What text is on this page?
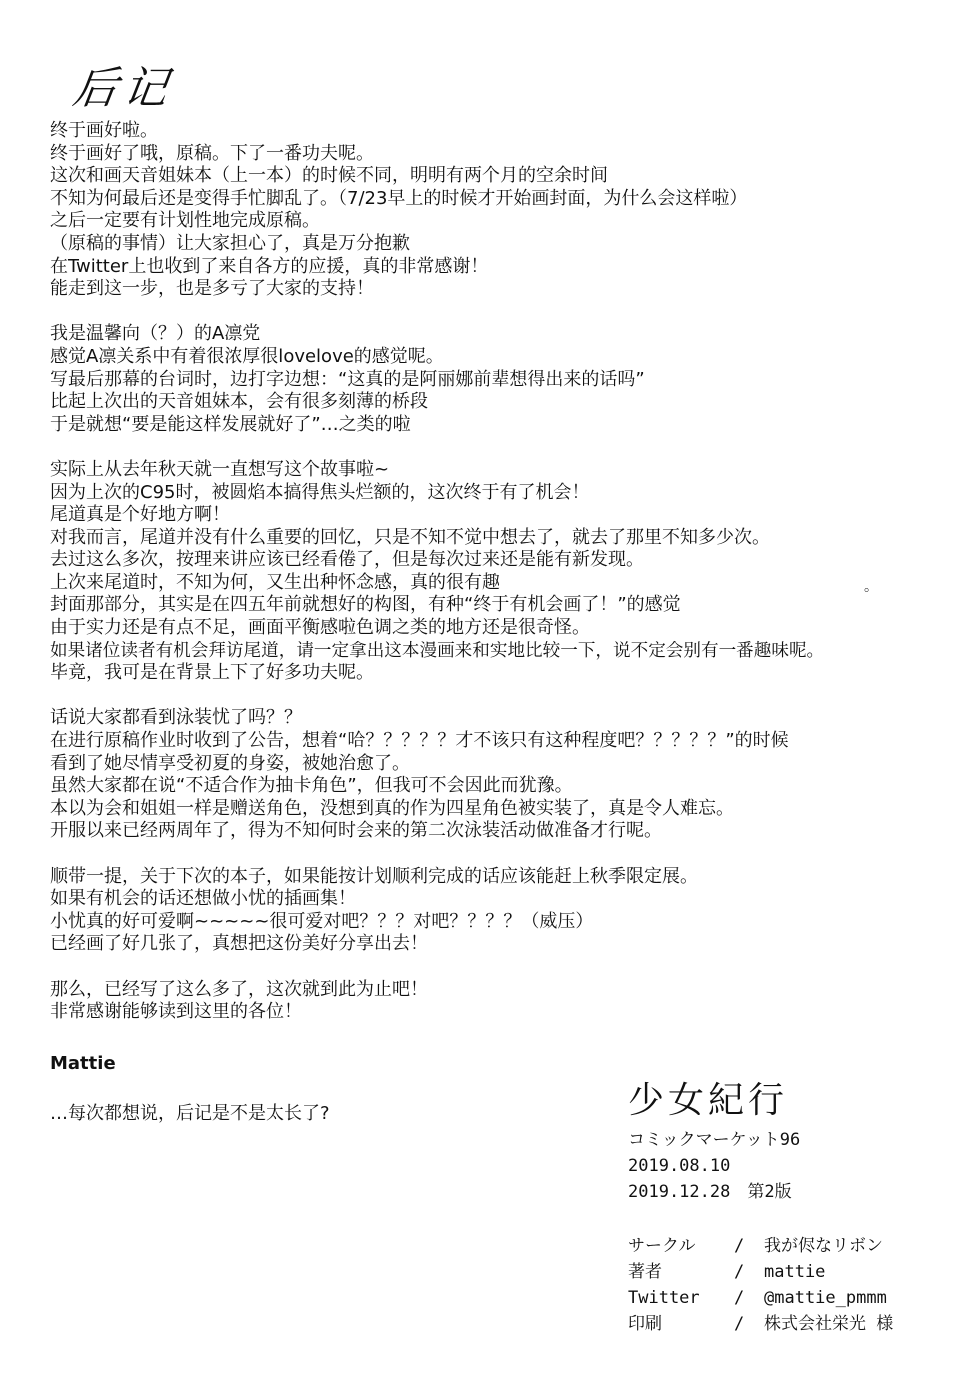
后记
终于画好啦。
终于画好了哦，原稿。下了一番功夫呢。
这次和画天音姐妹本（上一本）的时候不同，明明有两个月的空余时间
不知为何最后还是变得手忙脚乱了。（7/23早上的时候才开始画封面，为什么会这样啦）
之后一定要有计划性地完成原稿。
（原稿的事情）让大家担心了，真是万分抱歉
在Twitter上也收到了来自各方的应援，真的非常感谢！
能走到这一步，也是多亏了大家的支持！
我是温馨向（？）的A凛党
感觉A凛关系中有着很浓厚很lovelove的感觉呢。
写最后那幕的台词时，边打字边想：“这真的是阿丽娜前辈想得出来的话吗”
比起上次出的天音姐妹本，会有很多刻薄的桥段
于是就想“要是能这样发展就好了”…之类的啦
实际上从去年秋天就一直想写这个故事啦~
因为上次的C95时，被圆焰本搞得焦头烂额的，这次终于有了机会！
尾道真是个好地方啊！
对我而言，尾道并没有什么重要的回忆，只是不知不觉中想去了，就去了那里不知多少次。
去过这么多次，按理来讲应该已经看倦了，但是每次过来还是能有新发现。
上次来尾道时，不知为何，又生出种怀念感，真的很有趣
封面那部分，其实是在四五年前就想好的构图，有种“终于有机会画了！”的感觉
由于实力还是有点不足，画面平衡感啦色调之类的地方还是很奇怪。
如果诸位读者有机会拜访尾道，请一定拿出这本漫画来和实地比较一下，说不定会别有一番趣味呢。
毕竟，我可是在背景上下了好多功夫呢。
话说大家都看到泳装忧了吗？？
在进行原稿作业时收到了公告，想着“哈？？？？？才不该只有这种程度吧？？？？？”的时候
看到了她尽情享受初夏的身姿，被她治愈了。
虽然大家都在说“不适合作为抽卡角色”，但我可不会因此而犹豫。
本以为会和姐姐一样是赠送角色，没想到真的作为四星角色被实装了，真是令人难忘。
开服以来已经两周年了，得为不知何时会来的第二次泳装活动做准备才行呢。
顺带一提，关于下次的本子，如果能按计划顺利完成的话应该能赶上秋季限定展。
如果有机会的话还想做小忧的插画集！
小忧真的好可爱啊~~~~~很可爱对吧？？？对吧？？？？（威压）
已经画了好几张了，真想把这份美好分享出去！
那么，已经写了这么多了，这次就到此为止吧！
非常感谢能够读到这里的各位！
。
Mattie
…每次都想说，后记是不是太长了?	少女紀行
コミックマーケット96
2019.08.10
2019.12.28　第2版
サークル / 我が侭なリボン
著者	/ mattie
Twitter / @mattie_pmmm
印刷	/ 株式会社栄光 様
